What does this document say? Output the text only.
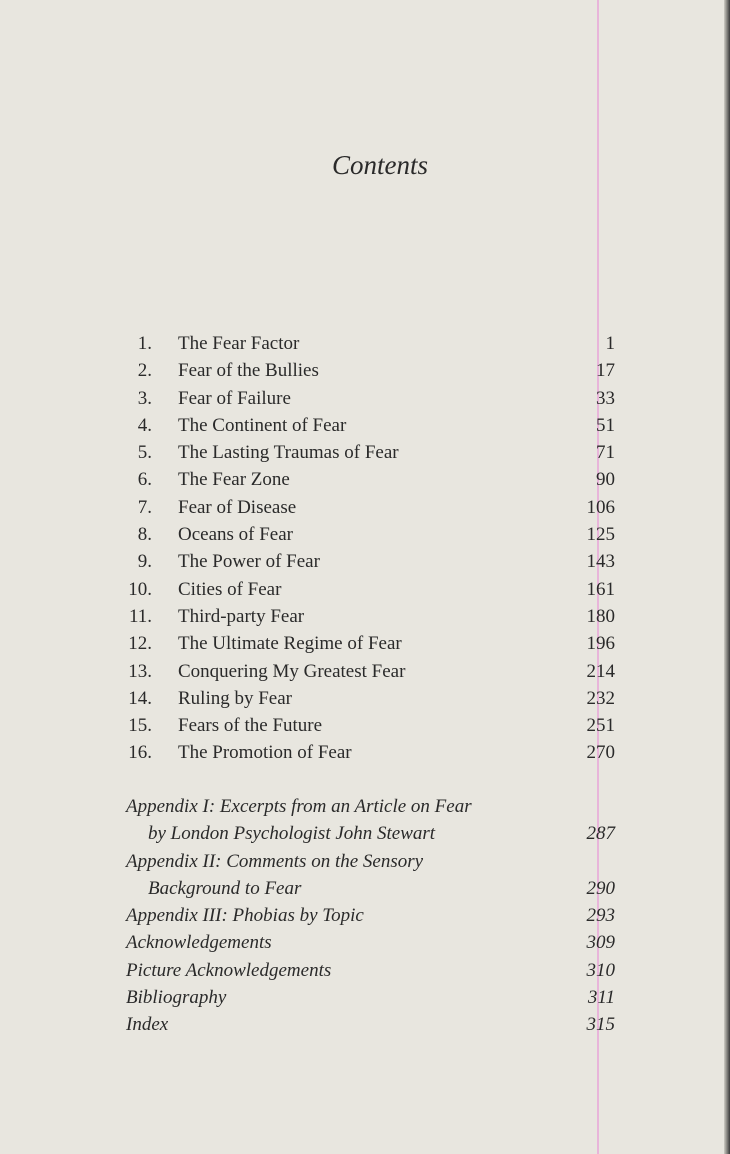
Contents
1. The Fear Factor	1
2. Fear of the Bullies	17
3. Fear of Failure	33
4. The Continent of Fear	51
5. The Lasting Traumas of Fear	71
6. The Fear Zone	90
7. Fear of Disease	106
8. Oceans of Fear	125
9. The Power of Fear	143
10. Cities of Fear	161
11. Third-party Fear	180
12. The Ultimate Regime of Fear	196
13. Conquering My Greatest Fear	214
14. Ruling by Fear	232
15. Fears of the Future	251
16. The Promotion of Fear	270
Appendix I: Excerpts from an Article on Fear
by London Psychologist John Stewart	287
Appendix II: Comments on the Sensory
Background to Fear	290
Appendix III: Phobias by Topic	293
Acknowledgements	309
Picture Acknowledgements	310
Bibliography	311
Index	315
